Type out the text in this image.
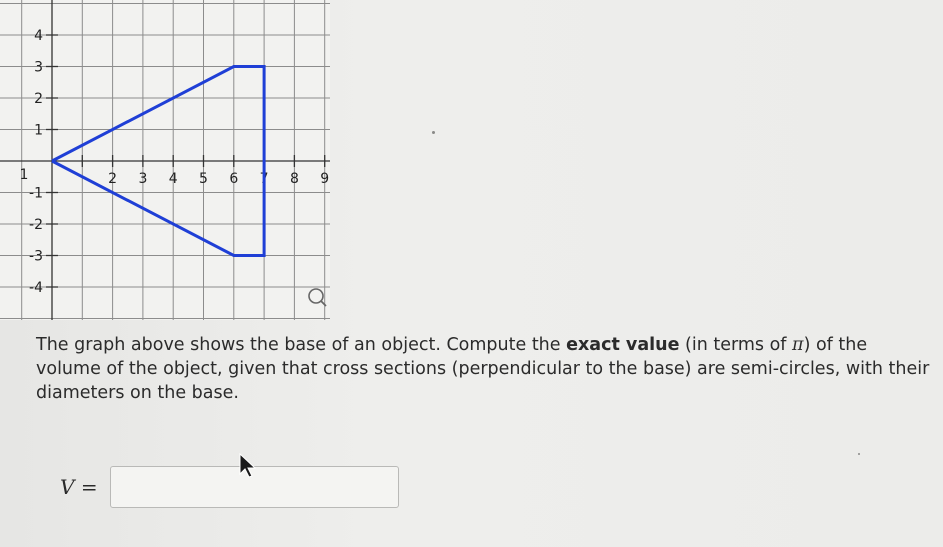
2 3 4 5 6 7 8 9
4
3
2
1
-1
-2
-3
-4
1
The graph above shows the base of an object. Compute the exact value (in terms of π) of the volume of the object, given that cross sections (perpendicular to the base) are semi-circles, with their diameters on the base.
V =
